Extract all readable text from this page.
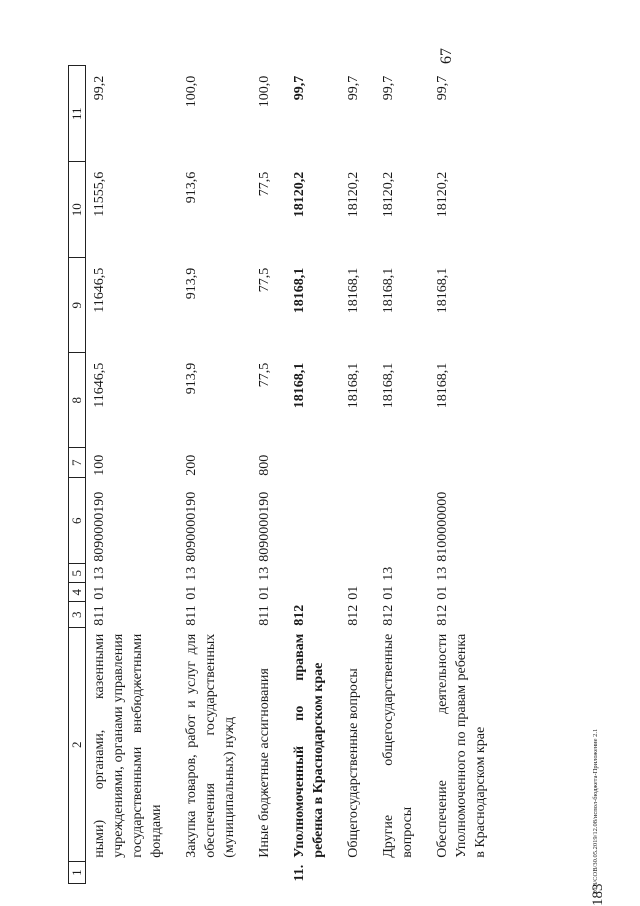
67
20.3/СОВ/30.05.2019/12.08/испол-бюджета-Приложение 2.1
183
1	2	3	4	5	6	7	8	9	10	11
	ными) органами, казенными учреждениями, органами управления государственными внебюджетными фондами	811	01	13	8090000190	100	11646,5	11646,5	11555,6	99,2
	Закупка товаров, работ и услуг для обеспечения государственных (муниципальных) нужд	811	01	13	8090000190	200	913,9	913,9	913,6	100,0
	Иные бюджетные ассигнования	811	01	13	8090000190	800	77,5	77,5	77,5	100,0
11.	Уполномоченный по правам ребенка в Краснодарском крае	812					18168,1	18168,1	18120,2	99,7
	Общегосударственные вопросы	812	01				18168,1	18168,1	18120,2	99,7
	Другие общегосударственные вопросы	812	01	13			18168,1	18168,1	18120,2	99,7
	Обеспечение деятельности Уполномоченного по правам ребенка в Краснодарском крае	812	01	13	8100000000		18168,1	18168,1	18120,2	99,7
